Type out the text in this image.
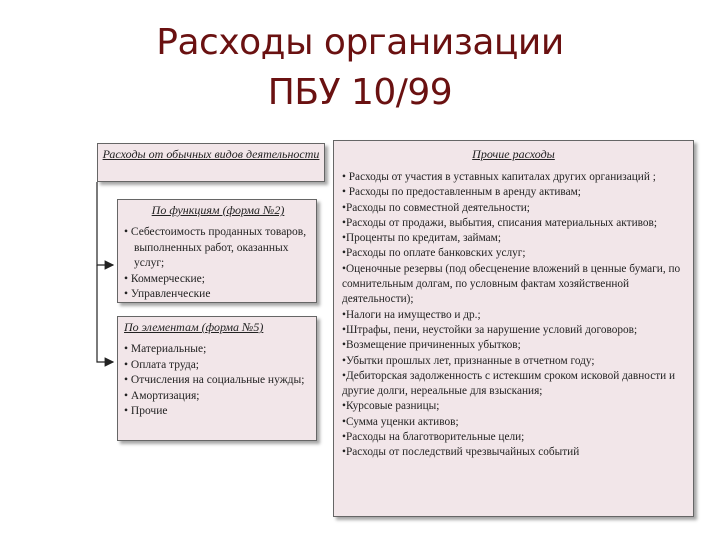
Расходы организации
ПБУ 10/99
Расходы от обычных видов деятельности
По функциям (форма №2)
• Себестоимость проданных товаров, выполненных работ, оказанных услуг;
• Коммерческие;
• Управленческие
По элементам (форма №5)
• Материальные;
• Оплата труда;
• Отчисления на социальные нужды;
• Амортизация;
• Прочие
Прочие расходы
• Расходы от участия в уставных капиталах других организаций ;
• Расходы по предоставленным в аренду активам;
•Расходы по совместной деятельности;
•Расходы от продажи, выбытия, списания материальных активов;
•Проценты по кредитам, займам;
•Расходы по оплате банковских услуг;
•Оценочные резервы (под обесценение вложений в ценные бумаги, по сомнительным долгам, по условным фактам хозяйственной деятельности);
•Налоги на имущество и др.;
•Штрафы, пени, неустойки за нарушение условий договоров;
•Возмещение причиненных убытков;
•Убытки прошлых лет, признанные в отчетном году;
•Дебиторская задолженность с истекшим сроком исковой давности и другие долги, нереальные для взыскания;
•Курсовые разницы;
•Сумма уценки активов;
•Расходы на благотворительные цели;
•Расходы от последствий чрезвычайных событий
